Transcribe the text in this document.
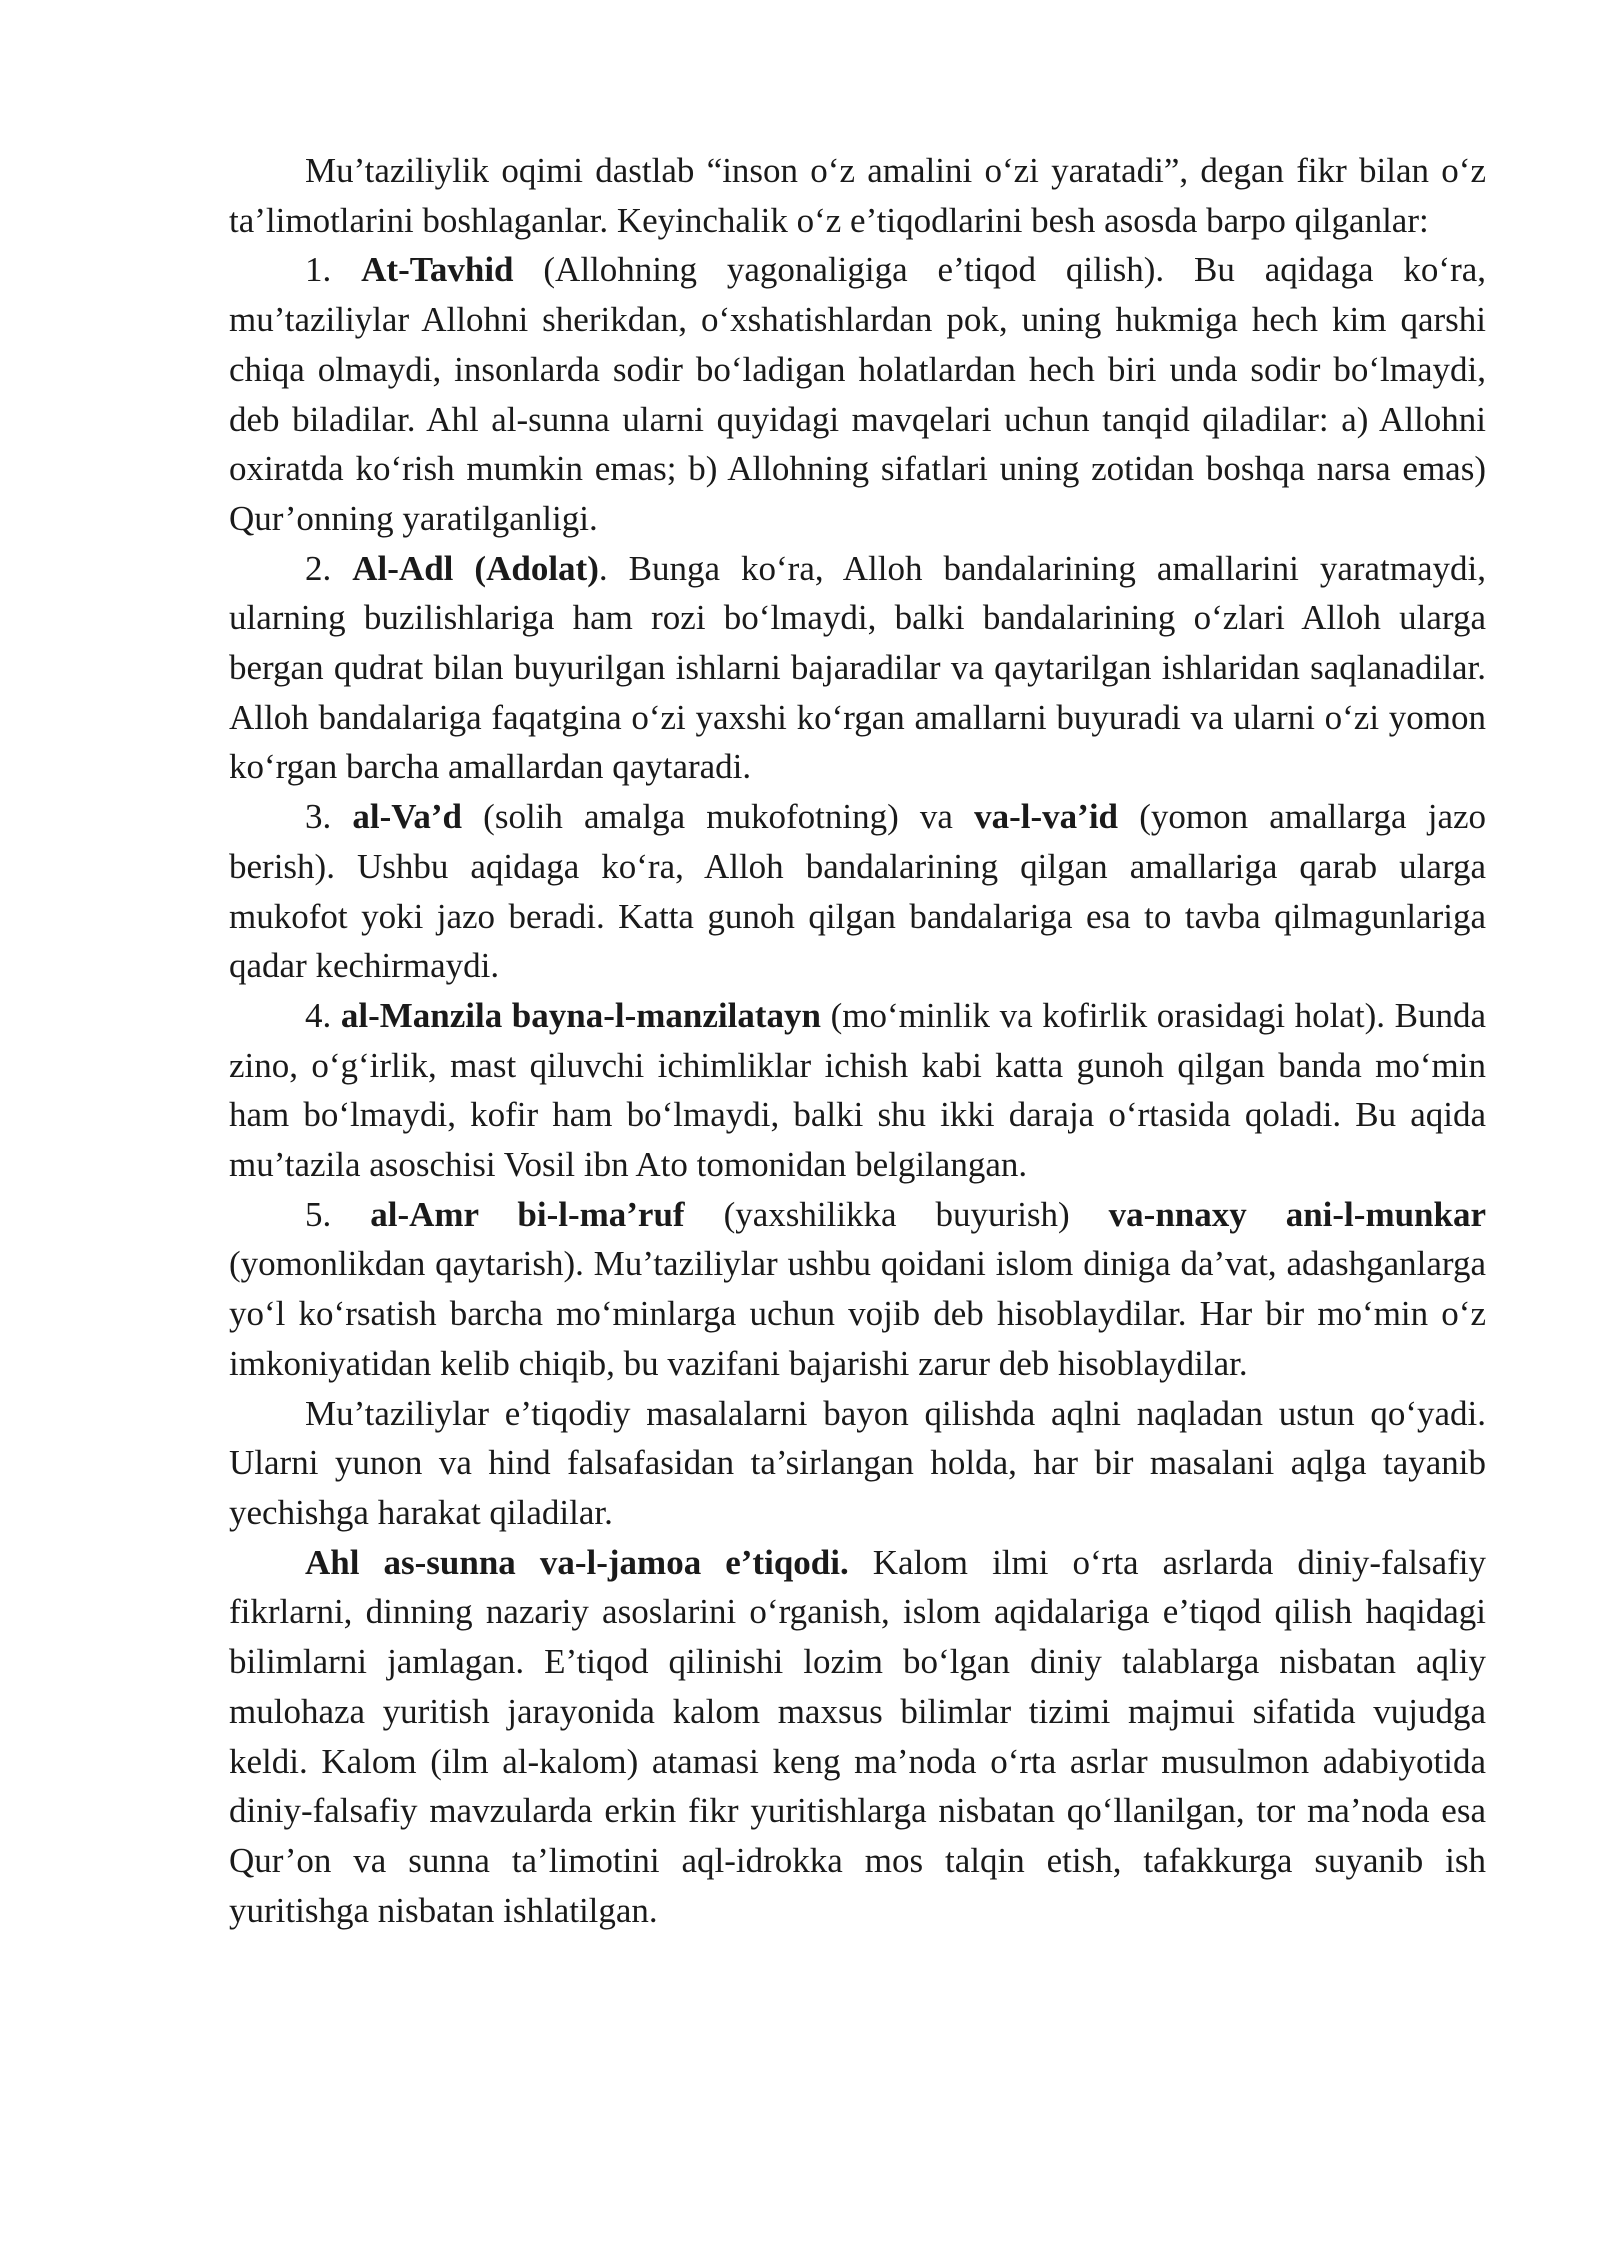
Mu’taziliylik oqimi dastlab “inson o‘z amalini o‘zi yaratadi”, degan fikr bilan o‘z ta’limotlarini boshlaganlar. Keyinchalik o‘z e’tiqodlarini besh asosda barpo qilganlar:

1. At-Tavhid (Allohning yagonaligiga e’tiqod qilish). Bu aqidaga ko‘ra, mu’taziliylar Allohni sherikdan, o‘xshatishlardan pok, uning hukmiga hech kim qarshi chiqa olmaydi, insonlarda sodir bo‘ladigan holatlardan hech biri unda sodir bo‘lmaydi, deb biladilar. Ahl al-sunna ularni quyidagi mavqelari uchun tanqid qiladilar: a) Allohni oxiratda ko‘rish mumkin emas; b) Allohning sifatlari uning zotidan boshqa narsa emas) Qur’onning yaratilganligi.

2. Al-Adl (Adolat). Bunga ko‘ra, Alloh bandalarining amallarini yaratmaydi, ularning buzilishlariga ham rozi bo‘lmaydi, balki bandalarining o‘zlari Alloh ularga bergan qudrat bilan buyurilgan ishlarni bajaradilar va qaytarilgan ishlaridan saqlanadilar. Alloh bandalariga faqatgina o‘zi yaxshi ko‘rgan amallarni buyuradi va ularni o‘zi yomon ko‘rgan barcha amallardan qaytaradi.

3. al-Va’d (solih amalga mukofotning) va va-l-va’id (yomon amallarga jazo berish). Ushbu aqidaga ko‘ra, Alloh bandalarining qilgan amallariga qarab ularga mukofot yoki jazo beradi. Katta gunoh qilgan bandalariga esa to tavba qilmagunlariga qadar kechirmaydi.

4. al-Manzila bayna-l-manzilatayn (mo‘minlik va kofirlik orasidagi holat). Bunda zino, o‘g‘irlik, mast qiluvchi ichimliklar ichish kabi katta gunoh qilgan banda mo‘min ham bo‘lmaydi, kofir ham bo‘lmaydi, balki shu ikki daraja o‘rtasida qoladi. Bu aqida mu’tazila asoschisi Vosil ibn Ato tomonidan belgilangan.

5. al-Amr bi-l-ma’ruf (yaxshilikka buyurish) va-nnaxy ani-l-munkar (yomonlikdan qaytarish). Mu’taziliylar ushbu qoidani islom diniga da’vat, adashganlarga yo‘l ko‘rsatish barcha mo‘minlarga uchun vojib deb hisoblaydilar. Har bir mo‘min o‘z imkoniyatidan kelib chiqib, bu vazifani bajarishi zarur deb hisoblaydilar.

Mu’taziliylar e’tiqodiy masalalarni bayon qilishda aqlni naqladan ustun qo‘yadi. Ularni yunon va hind falsafasidan ta’sirlangan holda, har bir masalani aqlga tayanib yechishga harakat qiladilar.

Ahl as-sunna va-l-jamoa e’tiqodi. Kalom ilmi o‘rta asrlarda diniy-falsafiy fikrlarni, dinning nazariy asoslarini o‘rganish, islom aqidalariga e’tiqod qilish haqidagi bilimlarni jamlagan. E’tiqod qilinishi lozim bo‘lgan diniy talablarga nisbatan aqliy mulohaza yuritish jarayonida kalom maxsus bilimlar tizimi majmui sifatida vujudga keldi. Kalom (ilm al-kalom) atamasi keng ma’noda o‘rta asrlar musulmon adabiyotida diniy-falsafiy mavzularda erkin fikr yuritishlarga nisbatan qo‘llanilgan, tor ma’noda esa Qur’on va sunna ta’limotini aql-idrokka mos talqin etish, tafakkurga suyanib ish yuritishga nisbatan ishlatilgan.
